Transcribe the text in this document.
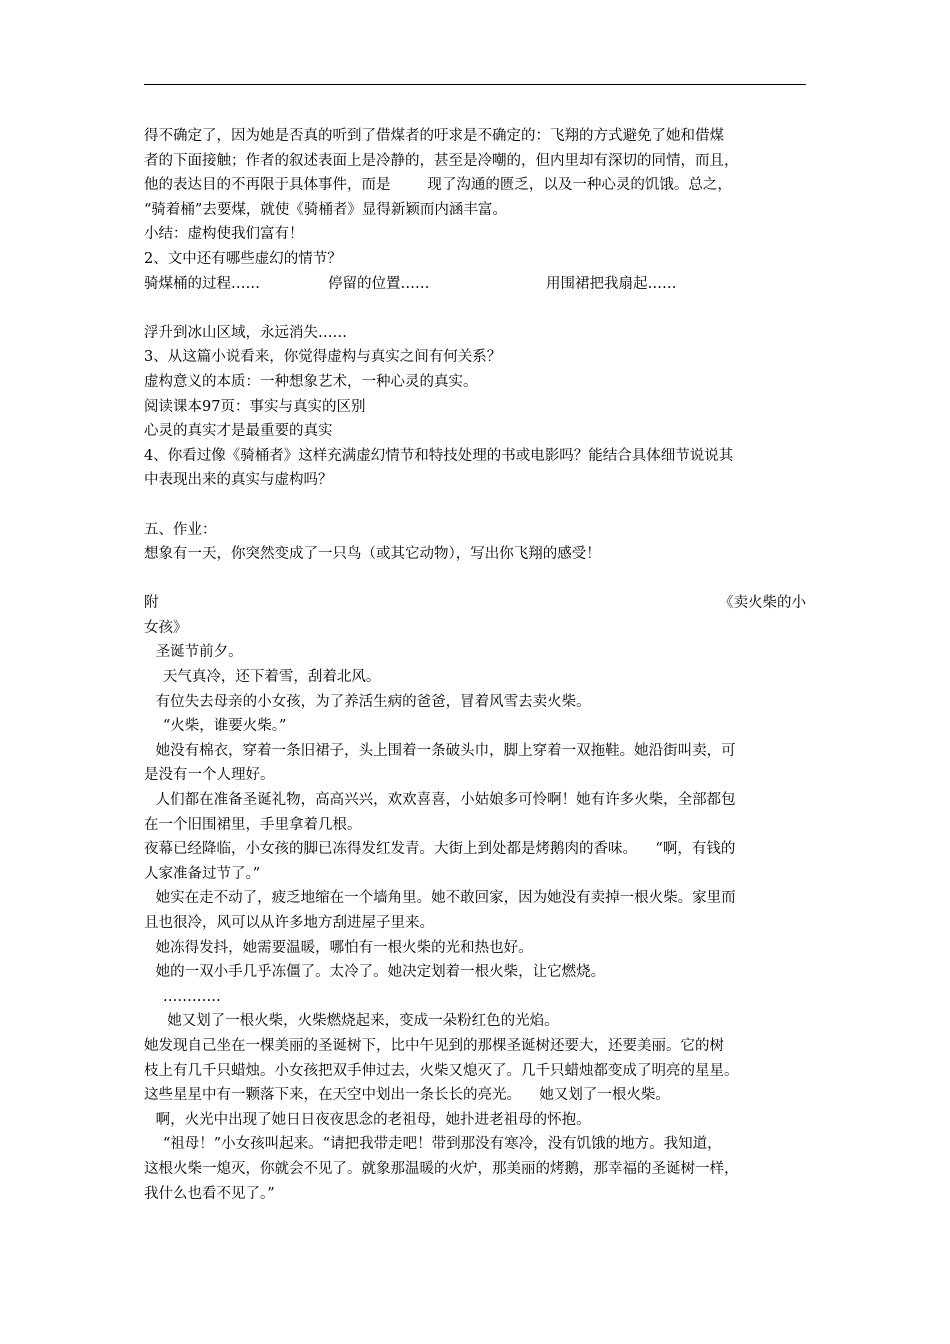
得不确定了，因为她是否真的听到了借煤者的吁求是不确定的：飞翔的方式避免了她和借煤

者的下面接触；作者的叙述表面上是冷静的，甚至是冷嘲的，但内里却有深切的同情，而且，

他的表达目的不再限于具体事件，而是        现了沟通的匮乏，以及一种心灵的饥饿。总之，

“骑着桶”去要煤，就使《骑桶者》显得新颖而内涵丰富。

小结：虚构使我们富有！

2、文中还有哪些虚幻的情节？

骑煤桶的过程……	停留的位置……	用围裙把我扇起……

浮升到冰山区域，永远消失……

3、从这篇小说看来，你觉得虚构与真实之间有何关系？

虚构意义的本质：一种想象艺术，一种心灵的真实。

阅读课本97页：事实与真实的区别

心灵的真实才是最重要的真实

4、你看过像《骑桶者》这样充满虚幻情节和特技处理的书或电影吗？能结合具体细节说说其

中表现出来的真实与虚构吗？

五、作业：

想象有一天，你突然变成了一只鸟（或其它动物），写出你飞翔的感受！

附	《卖火柴的小

女孩》

圣诞节前夕。

天气真冷，还下着雪，刮着北风。

有位失去母亲的小女孩，为了养活生病的爸爸，冒着风雪去卖火柴。

“火柴，谁要火柴。”

她没有棉衣，穿着一条旧裙子，头上围着一条破头巾，脚上穿着一双拖鞋。她沿街叫卖，可

是没有一个人理好。

人们都在准备圣诞礼物，高高兴兴，欢欢喜喜，小姑娘多可怜啊！她有许多火柴，全部都包

在一个旧围裙里，手里拿着几根。

夜幕已经降临，小女孩的脚已冻得发红发青。大街上到处都是烤鹅肉的香味。    “啊，有钱的

人家准备过节了。”

她实在走不动了，疲乏地缩在一个墙角里。她不敢回家，因为她没有卖掉一根火柴。家里而

且也很冷，风可以从许多地方刮进屋子里来。

她冻得发抖，她需要温暖，哪怕有一根火柴的光和热也好。

她的一双小手几乎冻僵了。太冷了。她决定划着一根火柴，让它燃烧。

…………

她又划了一根火柴，火柴燃烧起来，变成一朵粉红色的光焰。

她发现自己坐在一棵美丽的圣诞树下，比中午见到的那棵圣诞树还要大，还要美丽。它的树

枝上有几千只蜡烛。小女孩把双手伸过去，火柴又熄灭了。几千只蜡烛都变成了明亮的星星。

这些星星中有一颗落下来，在天空中划出一条长长的亮光。    她又划了一根火柴。

啊，火光中出现了她日日夜夜思念的老祖母，她扑进老祖母的怀抱。

“祖母！”小女孩叫起来。“请把我带走吧！带到那没有寒冷，没有饥饿的地方。我知道，

这根火柴一熄灭，你就会不见了。就象那温暖的火炉，那美丽的烤鹅，那幸福的圣诞树一样，

我什么也看不见了。”
